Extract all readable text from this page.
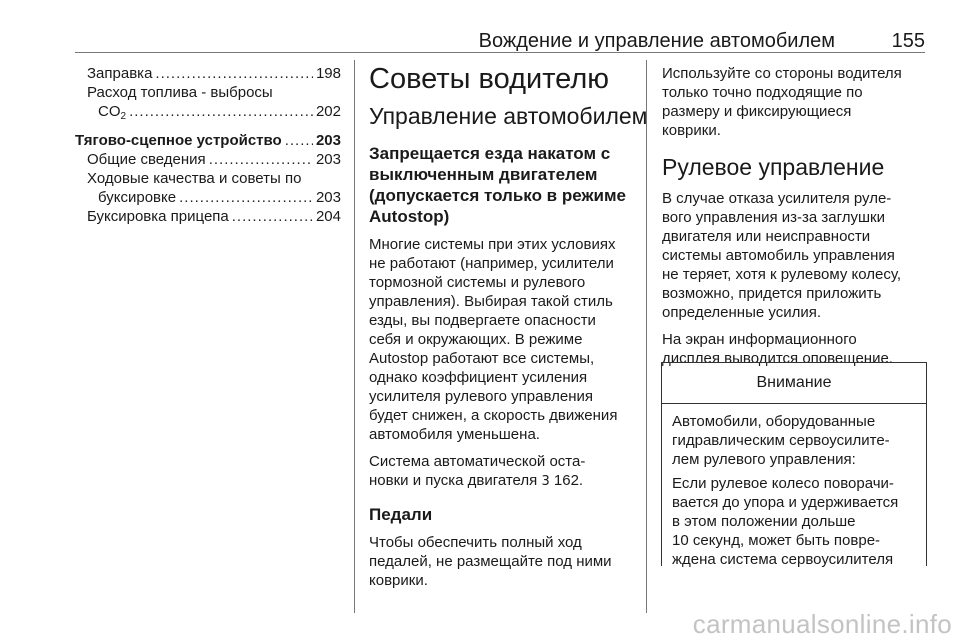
Вождение и управление автомобилем	155
Заправка .....	198
Расход топлива - выбросы
$CO_2$ .....	202
Тягово-сцепное устройство ..... 203
Общие сведения .....	203
Ходовые качества и советы по
буксировке .....	203
Буксировка прицепа .....	204
Советы водителю
Управление автомобилем
Запрещается езда накатом с выключенным двигателем (допускается только в режиме Autostop)

Многие системы при этих условиях
не работают (например, усилители
тормозной системы и рулевого
управления). Выбирая такой стиль
езды, вы подвергаете опасности
себя и окружающих. В режиме
Autostop работают все системы,
однако коэффициент усиления
усилителя рулевого управления
будет снижен, а скорость движения
автомобиля уменьшена.

Система автоматической оста-
новки и пуска двигателя 3 162.

Педали

Чтобы обеспечить полный ход
педалей, не размещайте под ними
коврики.

Используйте со стороны водителя
только точно подходящие по
размеру и фиксирующиеся
коврики.

Рулевое управление

В случае отказа усилителя руле-
вого управления из-за заглушки
двигателя или неисправности
системы автомобиль управления
не теряет, хотя к рулевому колесу,
возможно, придется приложить
определенные усилия.

На экран информационного
дисплея выводится оповещение.

Внимание

Автомобили, оборудованные
гидравлическим сервоусилите-
лем рулевого управления:

Если рулевое колесо поворачи-
вается до упора и удерживается
в этом положении дольше
10 секунд, может быть повре-
ждена система сервоусилителя

carmanualsonline.info
